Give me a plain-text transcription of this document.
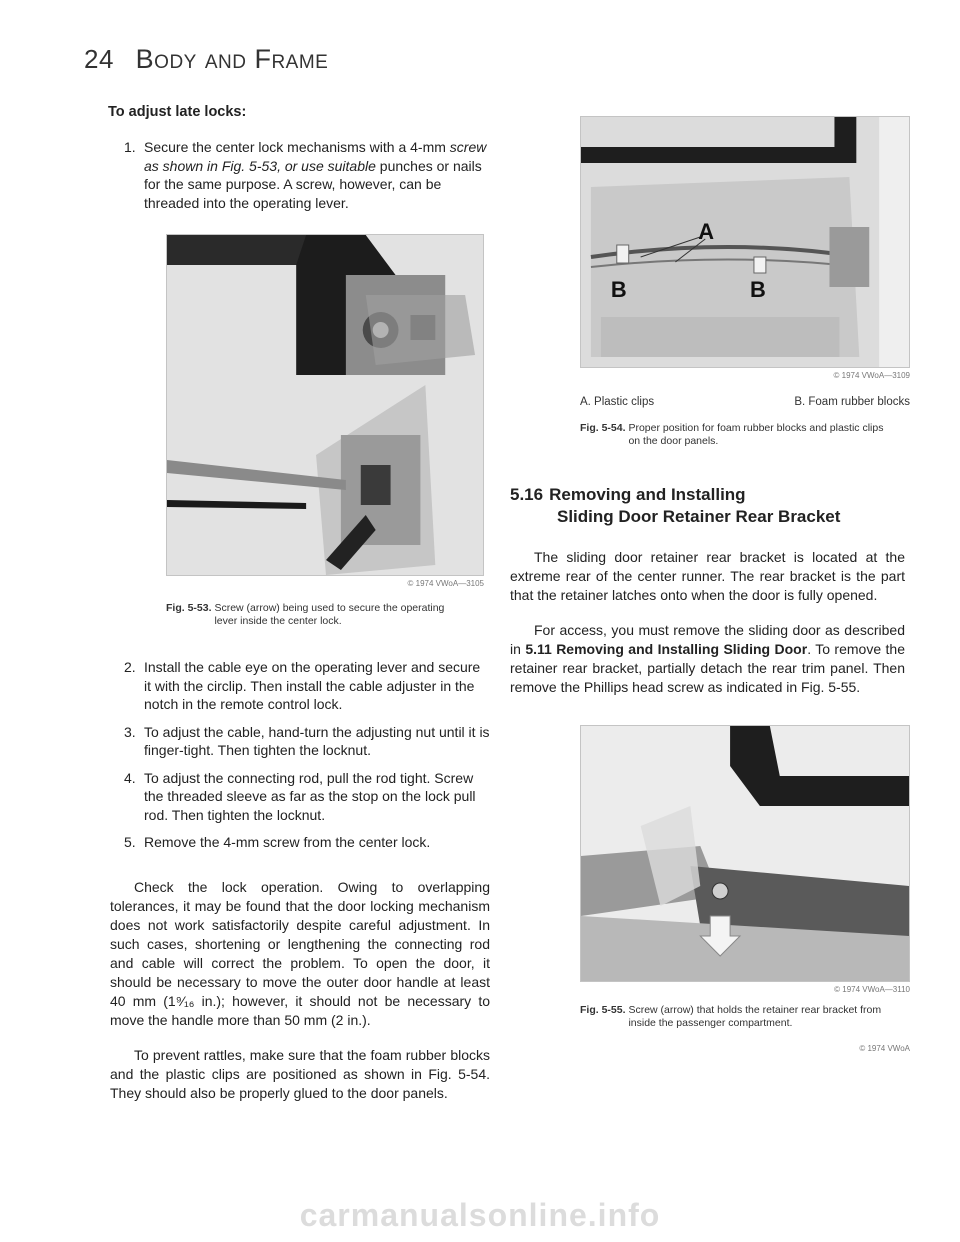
24 Body and Frame
To adjust late locks:
1. Secure the center lock mechanisms with a 4-mm screw as shown in Fig. 5-53, or use suitable punches or nails for the same purpose. A screw, however, can be threaded into the operating lever.
© 1974 VWoA—3105
Fig. 5-53. Screw (arrow) being used to secure the operating lever inside the center lock.
2. Install the cable eye on the operating lever and secure it with the circlip. Then install the cable adjuster in the notch in the remote control lock.
3. To adjust the cable, hand-turn the adjusting nut until it is finger-tight. Then tighten the locknut.
4. To adjust the connecting rod, pull the rod tight. Screw the threaded sleeve as far as the stop on the lock pull rod. Then tighten the locknut.
5. Remove the 4-mm screw from the center lock.

Check the lock operation. Owing to overlapping tolerances, it may be found that the door locking mechanism does not work satisfactorily despite careful adjustment. In such cases, shortening or lengthening the connecting rod and cable will correct the problem. To open the door, it should be necessary to move the outer door handle at least 40 mm (1⁹⁄₁₆ in.); however, it should not be necessary to move the handle more than 50 mm (2 in.).

To prevent rattles, make sure that the foam rubber blocks and the plastic clips are positioned as shown in Fig. 5-54. They should also be properly glued to the door panels.

A
B	B
© 1974 VWoA—3109
A. Plastic clips	B. Foam rubber blocks
Fig. 5-54. Proper position for foam rubber blocks and plastic clips on the door panels.
5.16 Removing and Installing
Sliding Door Retainer Rear Bracket

The sliding door retainer rear bracket is located at the extreme rear of the center runner. The rear bracket is the part that the retainer latches onto when the door is fully opened.

For access, you must remove the sliding door as described in 5.11 Removing and Installing Sliding Door. To remove the retainer rear bracket, partially detach the rear trim panel. Then remove the Phillips head screw as indicated in Fig. 5-55.

© 1974 VWoA—3110
Fig. 5-55. Screw (arrow) that holds the retainer rear bracket from inside the passenger compartment.
© 1974 VWoA
carmanualsonline.info
